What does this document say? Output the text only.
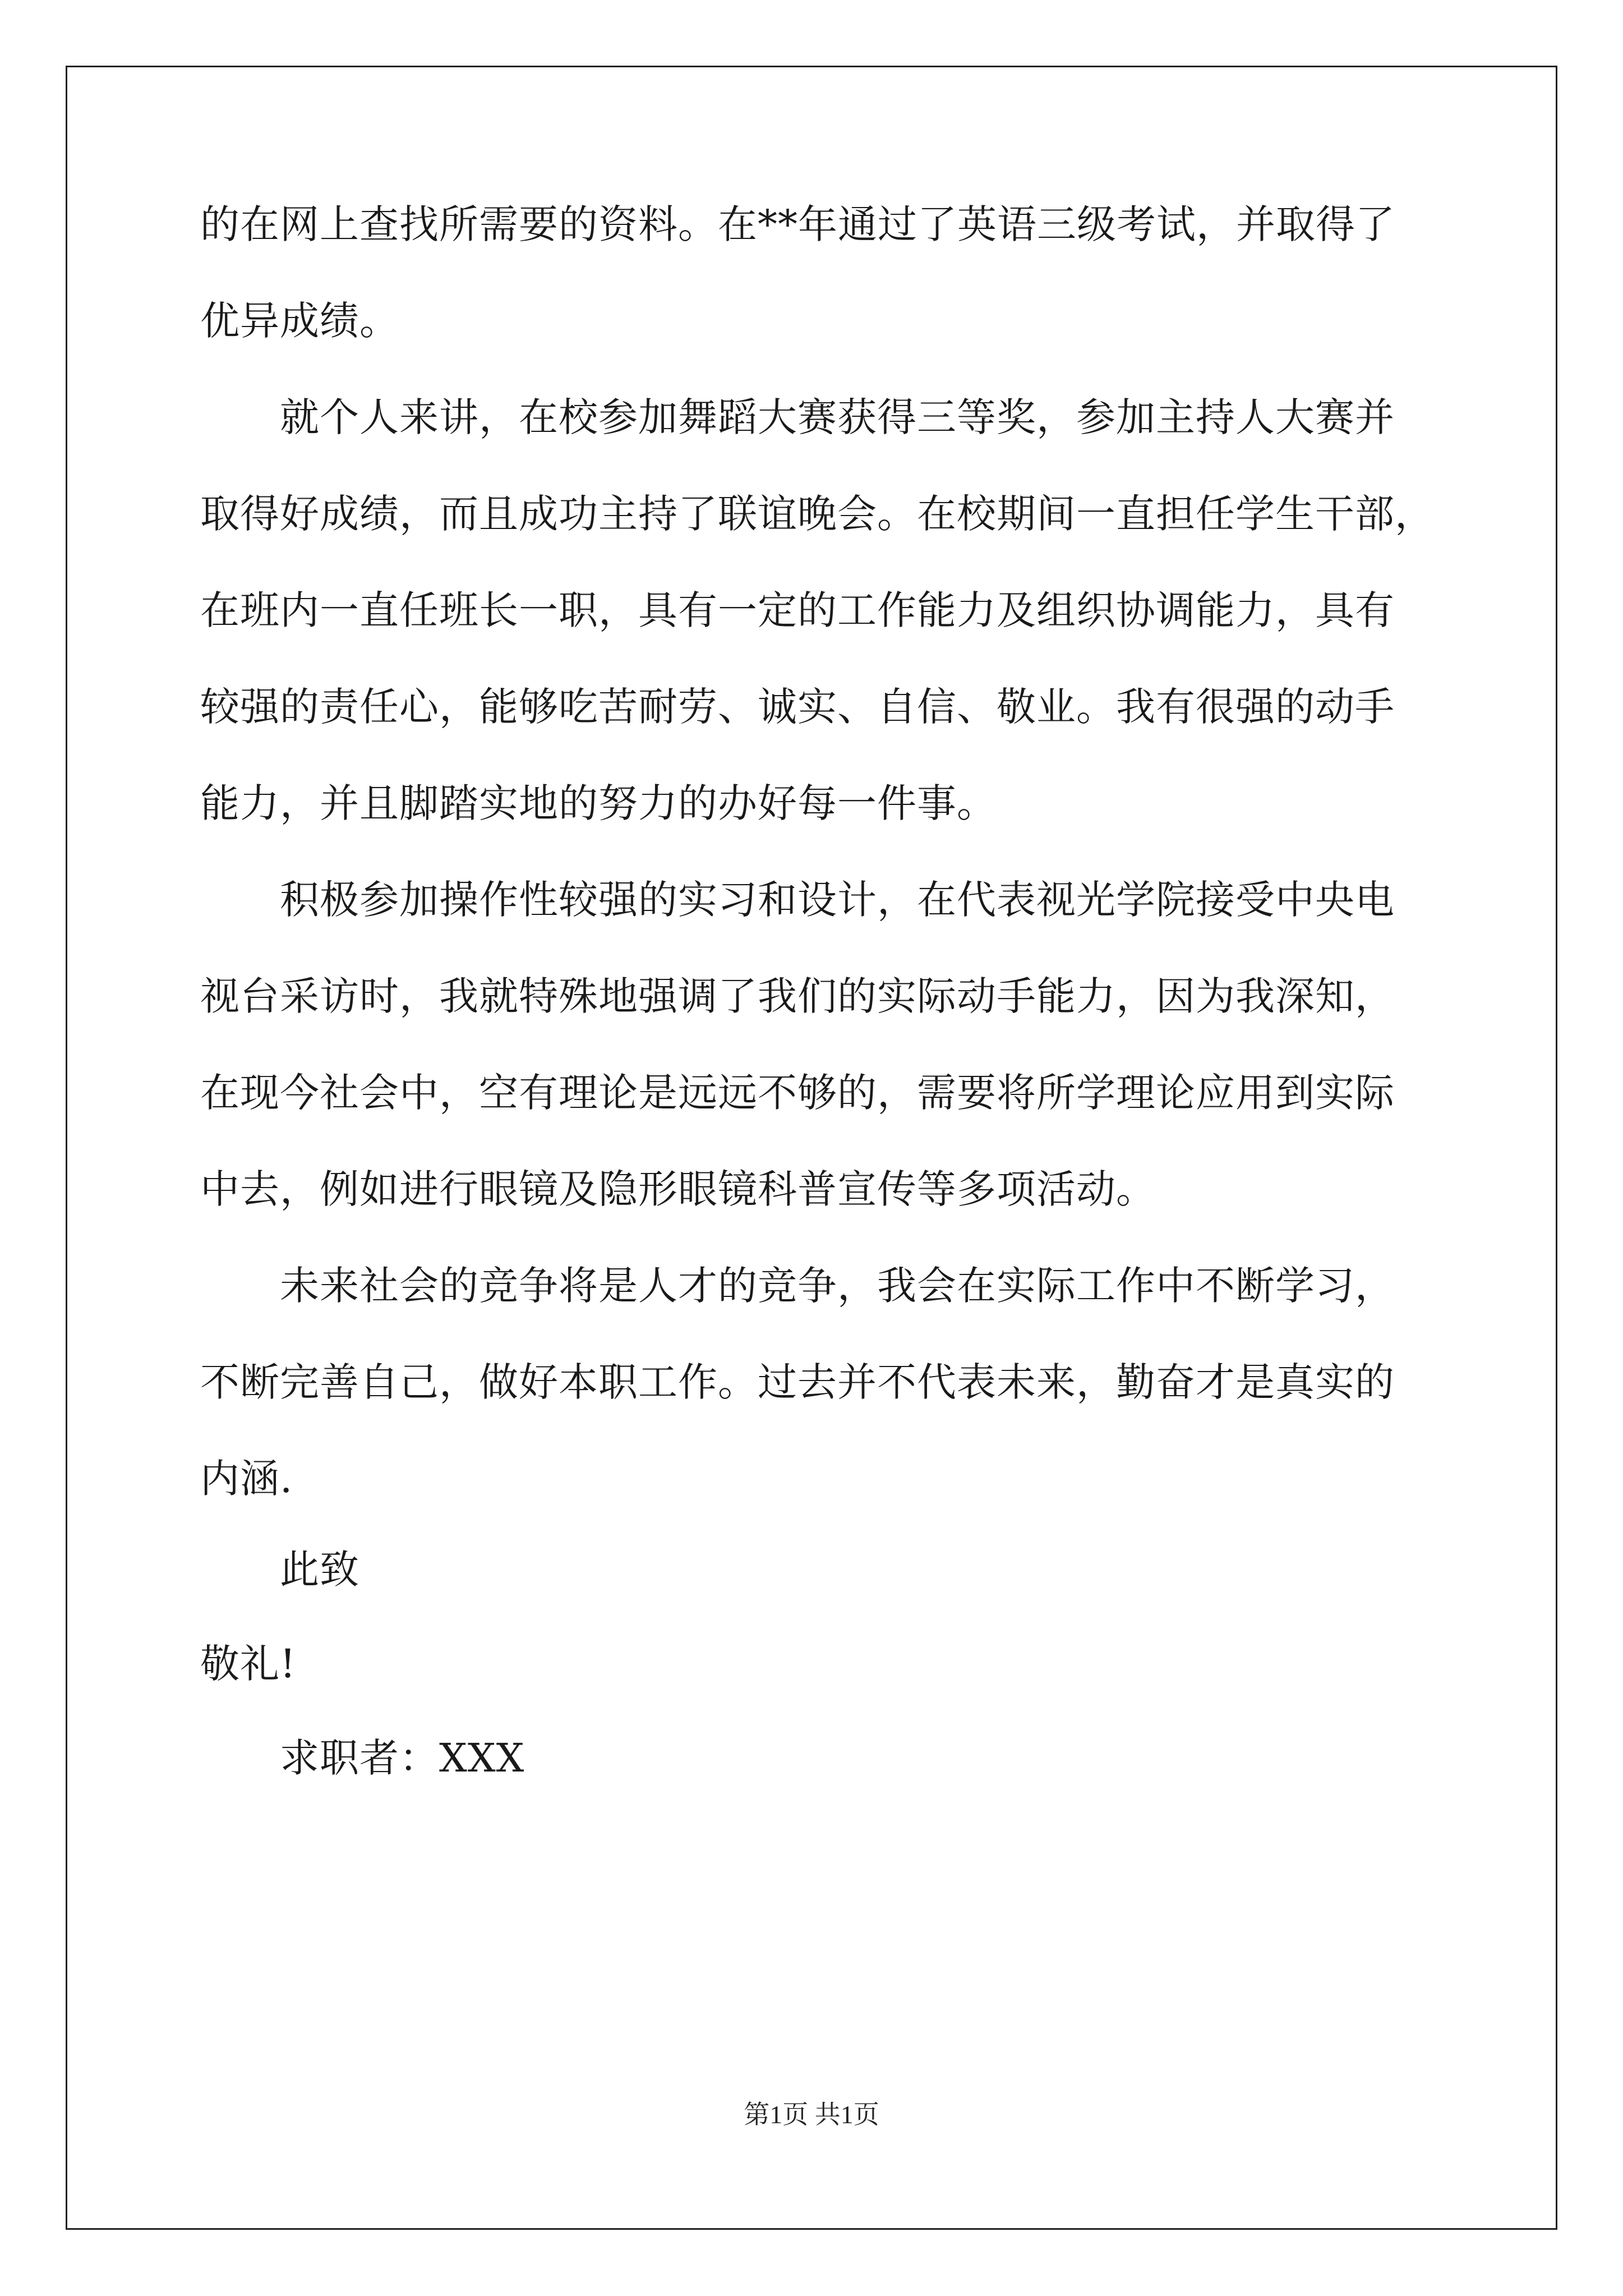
的在网上查找所需要的资料。在**年通过了英语三级考试，并取得了
优异成绩。
就个人来讲，在校参加舞蹈大赛获得三等奖，参加主持人大赛并
取得好成绩，而且成功主持了联谊晚会。在校期间一直担任学生干部，
在班内一直任班长一职，具有一定的工作能力及组织协调能力，具有
较强的责任心，能够吃苦耐劳、诚实、自信、敬业。我有很强的动手
能力，并且脚踏实地的努力的办好每一件事。
积极参加操作性较强的实习和设计，在代表视光学院接受中央电
视台采访时，我就特殊地强调了我们的实际动手能力，因为我深知，
在现今社会中，空有理论是远远不够的，需要将所学理论应用到实际
中去，例如进行眼镜及隐形眼镜科普宣传等多项活动。
未来社会的竞争将是人才的竞争，我会在实际工作中不断学习，
不断完善自己，做好本职工作。过去并不代表未来，勤奋才是真实的
内涵.
此致
敬礼!
求职者：XXX
第1页 共1页
